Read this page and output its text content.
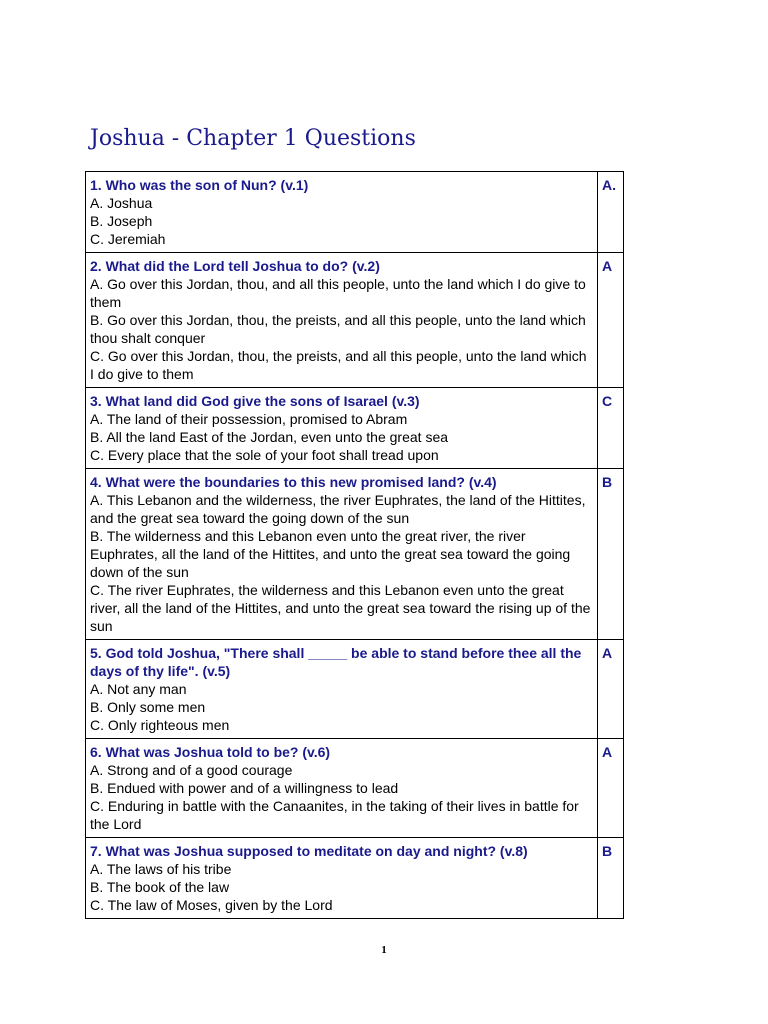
Joshua - Chapter 1 Questions
1. Who was the son of Nun? (v.1)
A. Joshua
B. Joseph
C. Jeremiah	A.
2. What did the Lord tell Joshua to do? (v.2)
A. Go over this Jordan, thou, and all this people, unto the land which I do give to them
B. Go over this Jordan, thou, the preists, and all this people, unto the land which thou shalt conquer
C. Go over this Jordan, thou, the preists, and all this people, unto the land which I do give to them	A
3. What land did God give the sons of Isarael (v.3)
A. The land of their possession, promised to Abram
B. All the land East of the Jordan, even unto the great sea
C. Every place that the sole of your foot shall tread upon	C
4. What were the boundaries to this new promised land? (v.4)
A. This Lebanon and the wilderness, the river Euphrates, the land of the Hittites, and the great sea toward the going down of the sun
B. The wilderness and this Lebanon even unto the great river, the river Euphrates, all the land of the Hittites, and unto the great sea toward the going down of the sun
C. The river Euphrates, the wilderness and this Lebanon even unto the great river, all the land of the Hittites, and unto the great sea toward the rising up of the sun	B
5. God told Joshua, "There shall _____ be able to stand before thee all the days of thy life". (v.5)
A. Not any man
B. Only some men
C. Only righteous men	A
6. What was Joshua told to be? (v.6)
A. Strong and of a good courage
B. Endued with power and of a willingness to lead
C. Enduring in battle with the Canaanites, in the taking of their lives in battle for the Lord	A
7. What was Joshua supposed to meditate on day and night? (v.8)
A. The laws of his tribe
B. The book of the law
C. The law of Moses, given by the Lord	B
1
